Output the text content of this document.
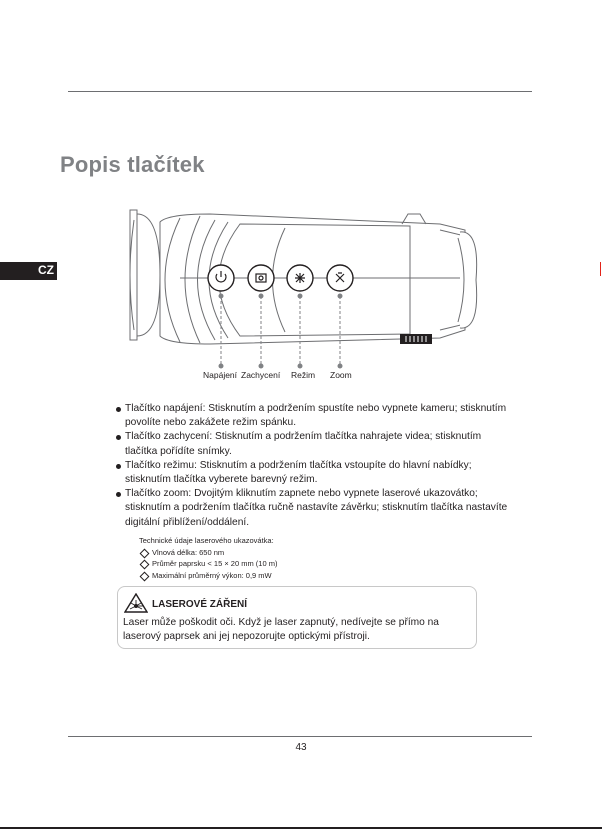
Popis tlačítek
CZ
Napájení Zachycení Režim Zoom
Tlačítko napájení: Stisknutím a podržením spustíte nebo vypnete kameru; stisknutím povolíte nebo zakážete režim spánku.
Tlačítko zachycení: Stisknutím a podržením tlačítka nahrajete videa; stisknutím tlačítka pořídíte snímky.
Tlačítko režimu: Stisknutím a podržením tlačítka vstoupíte do hlavní nabídky; stisknutím tlačítka vyberete barevný režim.
Tlačítko zoom: Dvojitým kliknutím zapnete nebo vypnete laserové ukazovátko; stisknutím a podržením tlačítka ručně nastavíte závěrku; stisknutím tlačítka nastavíte digitální přiblížení/oddálení.
Technické údaje laserového ukazovátka:
Vlnová délka: 650 nm
Průměr paprsku < 15 × 20 mm (10 m)
Maximální průměrný výkon: 0,9 mW
LASEROVÉ ZÁŘENÍ
Laser může poškodit oči. Když je laser zapnutý, nedívejte se přímo na laserový paprsek ani jej nepozorujte optickými přístroji.
43
